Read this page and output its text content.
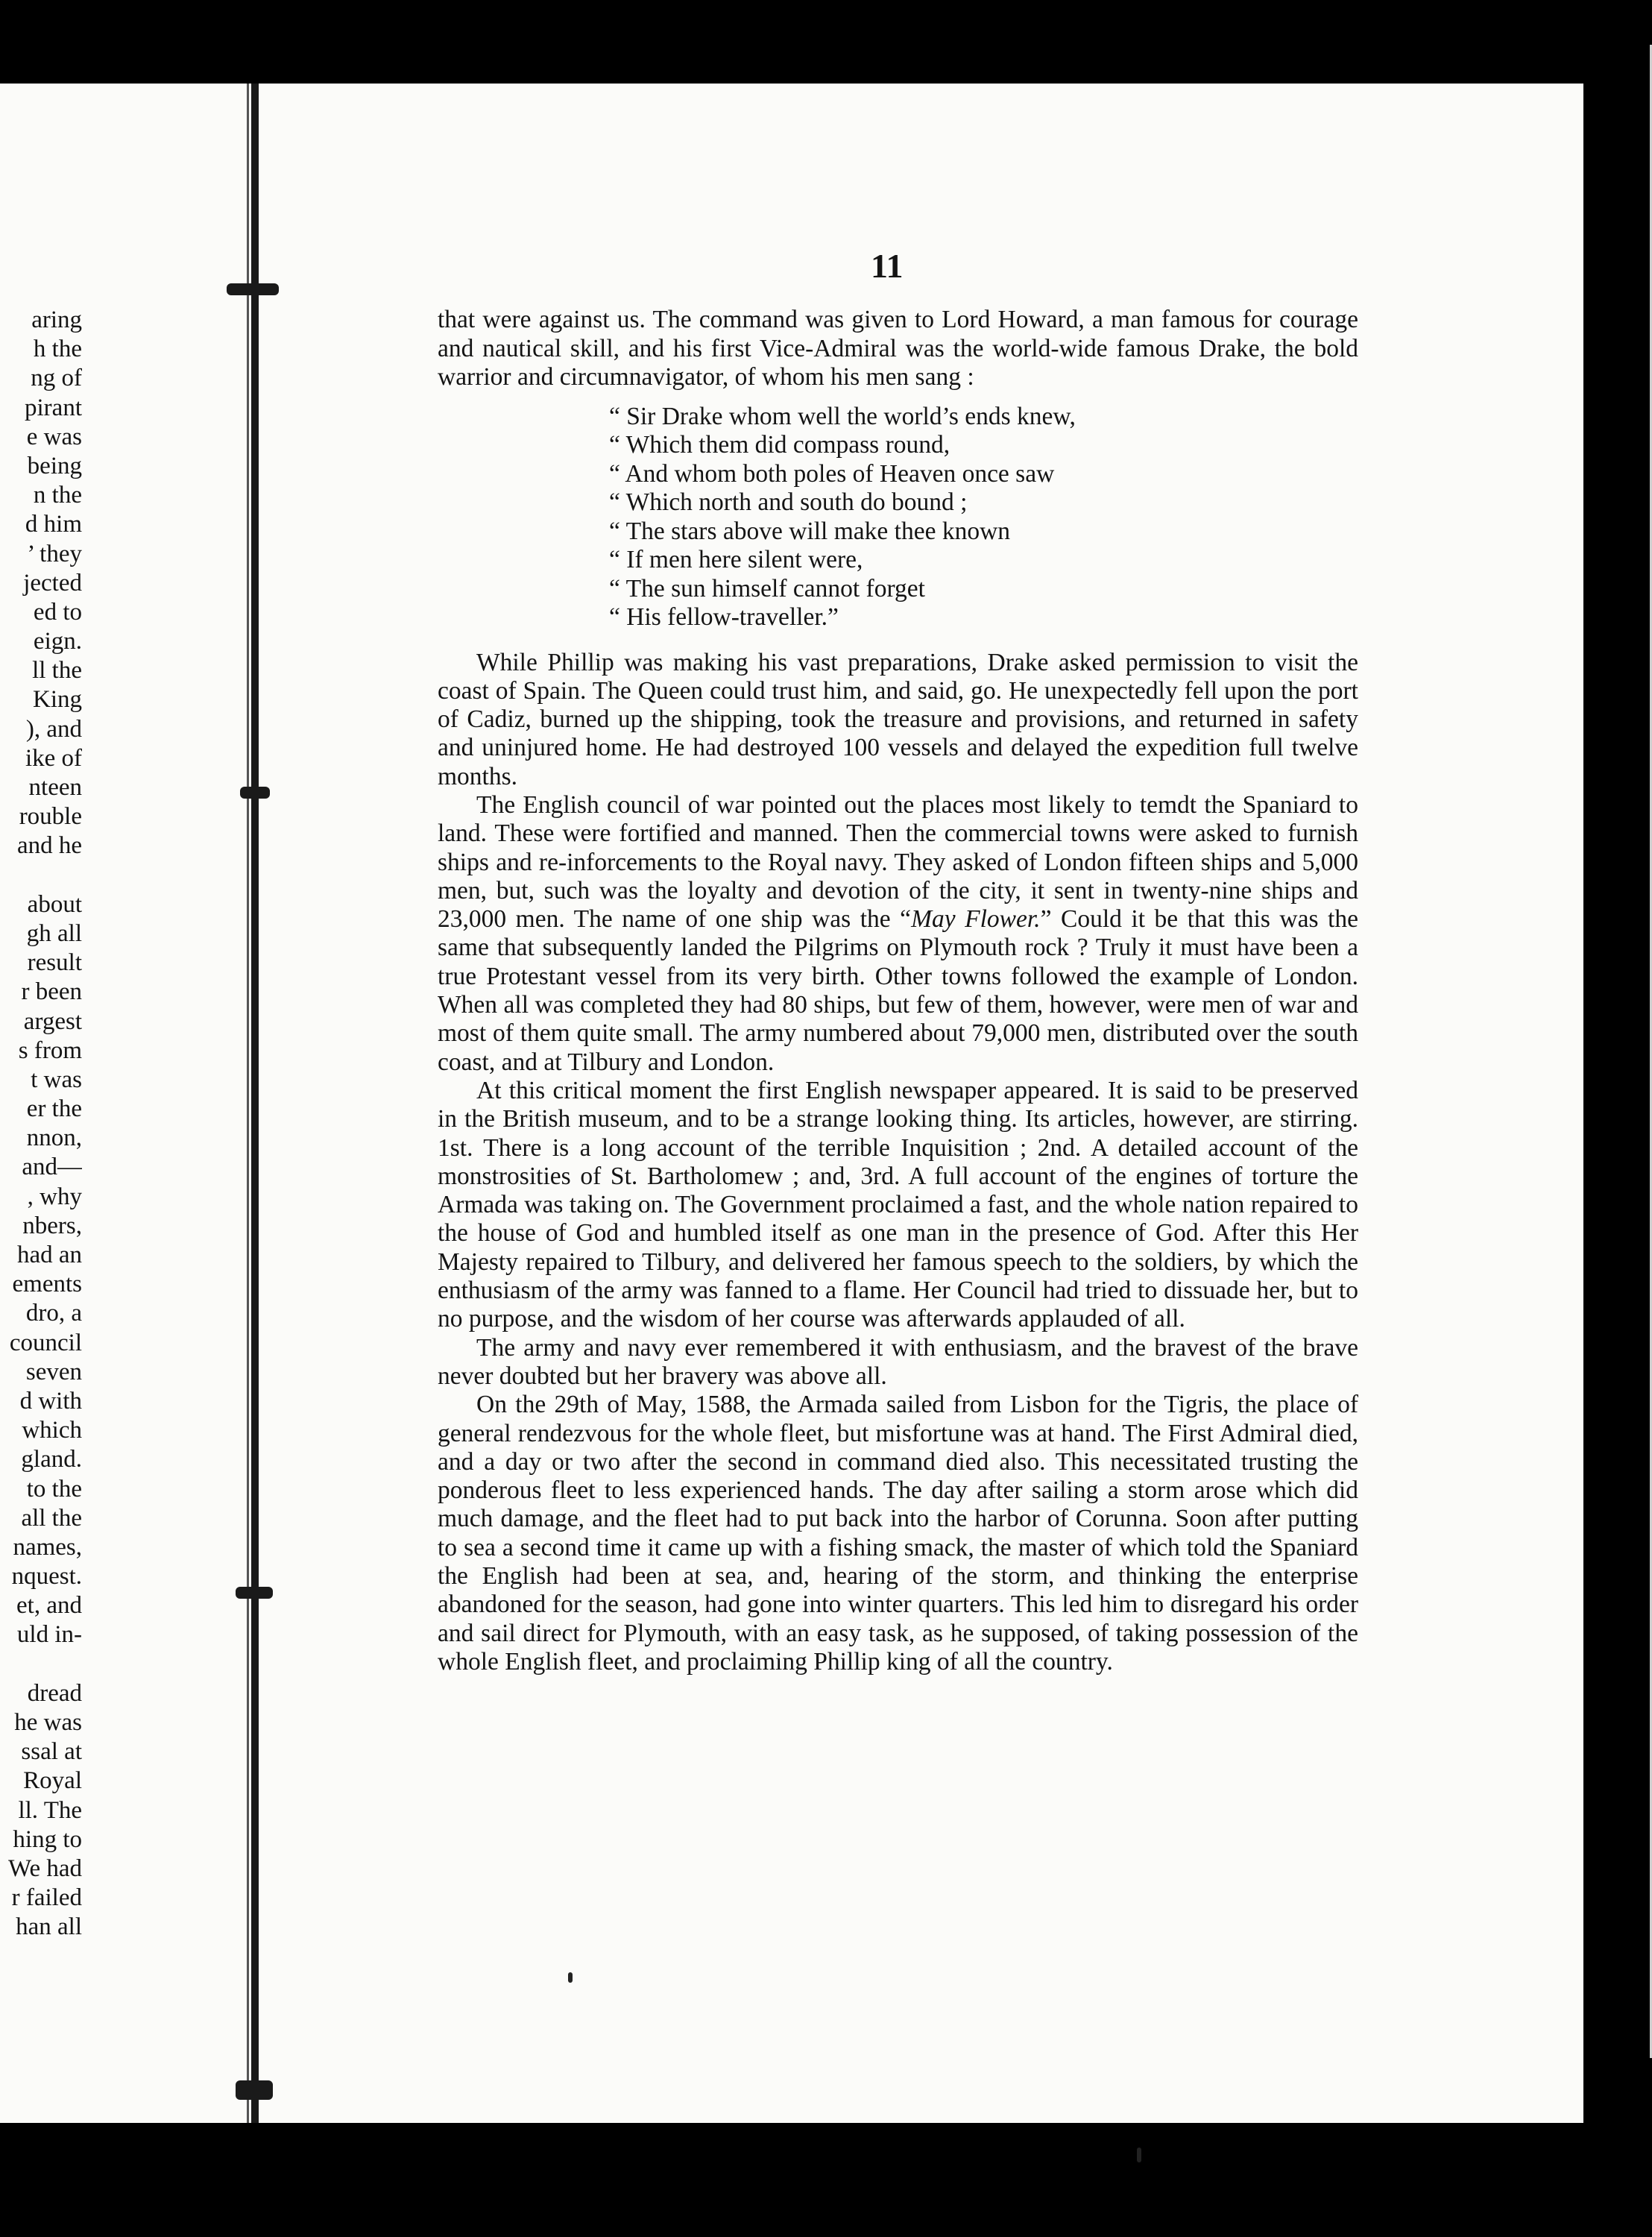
aring
h the
ng of
pirant
e was
being
n the
d him
’ they
jected
ed to
eign.
ll the
King
), and
ike of
nteen
rouble
and he
about
gh all
result
r been
argest
s from
t was
er the
nnon,
and—
, why
nbers,
had an
ements
dro, a
council
seven
d with
which
gland.
to the
all the
names,
nquest.
et, and
uld in-
dread
he was
ssal at
Royal
ll. The
hing to
We had
r failed
han all
11

that were against us. The command was given to Lord Howard, a man famous for courage and nautical skill, and his first Vice-Admiral was the world-wide famous Drake, the bold warrior and circumnavigator, of whom his men sang :

“ Sir Drake whom well the world’s ends knew,
“ Which them did compass round,
“ And whom both poles of Heaven once saw
“ Which north and south do bound ;
“ The stars above will make thee known
“ If men here silent were,
“ The sun himself cannot forget
“ His fellow-traveller.”

While Phillip was making his vast preparations, Drake asked permission to visit the coast of Spain. The Queen could trust him, and said, go. He unexpectedly fell upon the port of Cadiz, burned up the shipping, took the treasure and provisions, and returned in safety and uninjured home. He had destroyed 100 vessels and delayed the expedition full twelve months.

The English council of war pointed out the places most likely to temdt the Spaniard to land. These were fortified and manned. Then the commercial towns were asked to furnish ships and re-inforcements to the Royal navy. They asked of London fifteen ships and 5,000 men, but, such was the loyalty and devotion of the city, it sent in twenty-nine ships and 23,000 men. The name of one ship was the “May Flower.” Could it be that this was the same that subsequently landed the Pilgrims on Plymouth rock ? Truly it must have been a true Protestant vessel from its very birth. Other towns followed the example of London. When all was completed they had 80 ships, but few of them, however, were men of war and most of them quite small. The army numbered about 79,000 men, distributed over the south coast, and at Tilbury and London.

At this critical moment the first English newspaper appeared. It is said to be preserved in the British museum, and to be a strange looking thing. Its articles, however, are stirring. 1st. There is a long account of the terrible Inquisition ; 2nd. A detailed account of the monstrosities of St. Bartholomew ; and, 3rd. A full account of the engines of torture the Armada was taking on. The Government proclaimed a fast, and the whole nation repaired to the house of God and humbled itself as one man in the presence of God. After this Her Majesty repaired to Tilbury, and delivered her famous speech to the soldiers, by which the enthusiasm of the army was fanned to a flame. Her Council had tried to dissuade her, but to no purpose, and the wisdom of her course was afterwards applauded of all.

The army and navy ever remembered it with enthusiasm, and the bravest of the brave never doubted but her bravery was above all.

On the 29th of May, 1588, the Armada sailed from Lisbon for the Tigris, the place of general rendezvous for the whole fleet, but misfortune was at hand. The First Admiral died, and a day or two after the second in command died also. This necessitated trusting the ponderous fleet to less experienced hands. The day after sailing a storm arose which did much damage, and the fleet had to put back into the harbor of Corunna. Soon after putting to sea a second time it came up with a fishing smack, the master of which told the Spaniard the English had been at sea, and, hearing of the storm, and thinking the enterprise abandoned for the season, had gone into winter quarters. This led him to disregard his order and sail direct for Plymouth, with an easy task, as he supposed, of taking possession of the whole English fleet, and proclaiming Phillip king of all the country.
